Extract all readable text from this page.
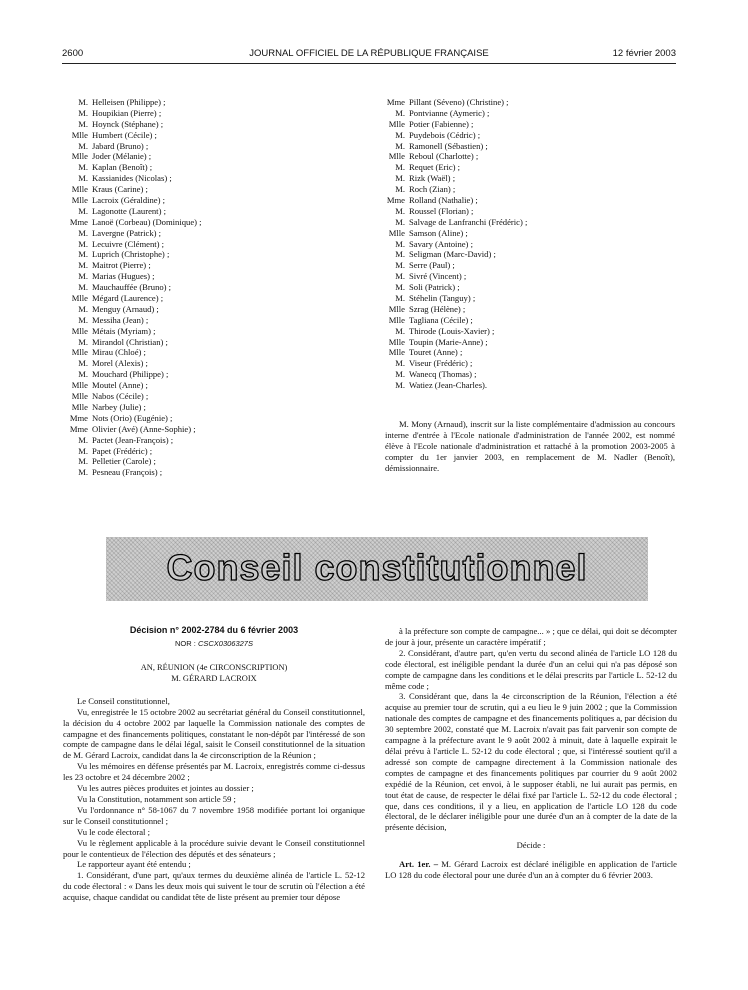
2600	JOURNAL OFFICIEL DE LA RÉPUBLIQUE FRANÇAISE	12 février 2003
M. Helleisen (Philippe) ;
M. Houpikian (Pierre) ;
M. Hoynck (Stéphane) ;
Mlle Humbert (Cécile) ;
M. Jabard (Bruno) ;
Mlle Joder (Mélanie) ;
M. Kaplan (Benoît) ;
M. Kassianides (Nicolas) ;
Mlle Kraus (Carine) ;
Mlle Lacroix (Géraldine) ;
M. Lagonotte (Laurent) ;
Mme Lanoë (Corbeau) (Dominique) ;
M. Lavergne (Patrick) ;
M. Lecuivre (Clément) ;
M. Luprich (Christophe) ;
M. Maitrot (Pierre) ;
M. Marias (Hugues) ;
M. Mauchauffée (Bruno) ;
Mlle Mégard (Laurence) ;
M. Menguy (Arnaud) ;
M. Messiha (Jean) ;
Mlle Métais (Myriam) ;
M. Mirandol (Christian) ;
Mlle Mirau (Chloé) ;
M. Morel (Alexis) ;
M. Mouchard (Philippe) ;
Mlle Moutel (Anne) ;
Mlle Nabos (Cécile) ;
Mlle Narbey (Julie) ;
Mme Nots (Orio) (Eugénie) ;
Mme Olivier (Avé) (Anne-Sophie) ;
M. Pactet (Jean-François) ;
M. Papet (Frédéric) ;
M. Pelletier (Carole) ;
M. Pesneau (François) ;
Mme Pillant (Séveno) (Christine) ;
M. Pontvianne (Aymeric) ;
Mlle Potier (Fabienne) ;
M. Puydebois (Cédric) ;
M. Ramonell (Sébastien) ;
Mlle Reboul (Charlotte) ;
M. Requet (Eric) ;
M. Rizk (Waël) ;
M. Roch (Zian) ;
Mme Rolland (Nathalie) ;
M. Roussel (Florian) ;
M. Salvage de Lanfranchi (Frédéric) ;
Mlle Samson (Aline) ;
M. Savary (Antoine) ;
M. Seligman (Marc-David) ;
M. Serre (Paul) ;
M. Sivré (Vincent) ;
M. Soli (Patrick) ;
M. Stéhelin (Tanguy) ;
Mlle Szrag (Hélène) ;
Mlle Tagliana (Cécile) ;
M. Thirode (Louis-Xavier) ;
Mlle Toupin (Marie-Anne) ;
Mlle Touret (Anne) ;
M. Viseur (Frédéric) ;
M. Wanecq (Thomas) ;
M. Watiez (Jean-Charles).
M. Mony (Arnaud), inscrit sur la liste complémentaire d'admission au concours interne d'entrée à l'Ecole nationale d'administration de l'année 2002, est nommé élève à l'Ecole nationale d'administration et rattaché à la promotion 2003-2005 à compter du 1er janvier 2003, en remplacement de M. Nadler (Benoît), démissionnaire.
Conseil constitutionnel
Décision n° 2002-2784 du 6 février 2003
NOR : CSCX0306327S
AN, RÉUNION (4e CIRCONSCRIPTION)
M. GÉRARD LACROIX

Le Conseil constitutionnel,

Vu, enregistrée le 15 octobre 2002 au secrétariat général du Conseil constitutionnel, la décision du 4 octobre 2002 par laquelle la Commission nationale des comptes de campagne et des financements politiques, constatant le non-dépôt par l'intéressé de son compte de campagne dans le délai légal, saisit le Conseil constitutionnel de la situation de M. Gérard Lacroix, candidat dans la 4e circonscription de la Réunion ;

Vu les mémoires en défense présentés par M. Lacroix, enregistrés comme ci-dessus les 23 octobre et 24 décembre 2002 ;

Vu les autres pièces produites et jointes au dossier ;

Vu la Constitution, notamment son article 59 ;

Vu l'ordonnance n° 58-1067 du 7 novembre 1958 modifiée portant loi organique sur le Conseil constitutionnel ;

Vu le code électoral ;

Vu le règlement applicable à la procédure suivie devant le Conseil constitutionnel pour le contentieux de l'élection des députés et des sénateurs ;

Le rapporteur ayant été entendu ;

1. Considérant, d'une part, qu'aux termes du deuxième alinéa de l'article L. 52-12 du code électoral : « Dans les deux mois qui suivent le tour de scrutin où l'élection a été acquise, chaque candidat ou candidat tête de liste présent au premier tour dépose

à la préfecture son compte de campagne... » ; que ce délai, qui doit se décompter de jour à jour, présente un caractère impératif ;

2. Considérant, d'autre part, qu'en vertu du second alinéa de l'article LO 128 du code électoral, est inéligible pendant la durée d'un an celui qui n'a pas déposé son compte de campagne dans les conditions et le délai prescrits par l'article L. 52-12 du même code ;

3. Considérant que, dans la 4e circonscription de la Réunion, l'élection a été acquise au premier tour de scrutin, qui a eu lieu le 9 juin 2002 ; que la Commission nationale des comptes de campagne et des financements politiques a, par décision du 30 septembre 2002, constaté que M. Lacroix n'avait pas fait parvenir son compte de campagne à la préfecture avant le 9 août 2002 à minuit, date à laquelle expirait le délai prévu à l'article L. 52-12 du code électoral ; que, si l'intéressé soutient qu'il a adressé son compte de campagne directement à la Commission nationale des comptes de campagne et des financements politiques par courrier du 9 août 2002 expédié de la Réunion, cet envoi, à le supposer établi, ne lui aurait pas permis, en tout état de cause, de respecter le délai fixé par l'article L. 52-12 du code électoral ; que, dans ces conditions, il y a lieu, en application de l'article LO 128 du code électoral, de le déclarer inéligible pour une durée d'un an à compter de la date de la présente décision,

Décide :

Art. 1er. – M. Gérard Lacroix est déclaré inéligible en application de l'article LO 128 du code électoral pour une durée d'un an à compter du 6 février 2003.
